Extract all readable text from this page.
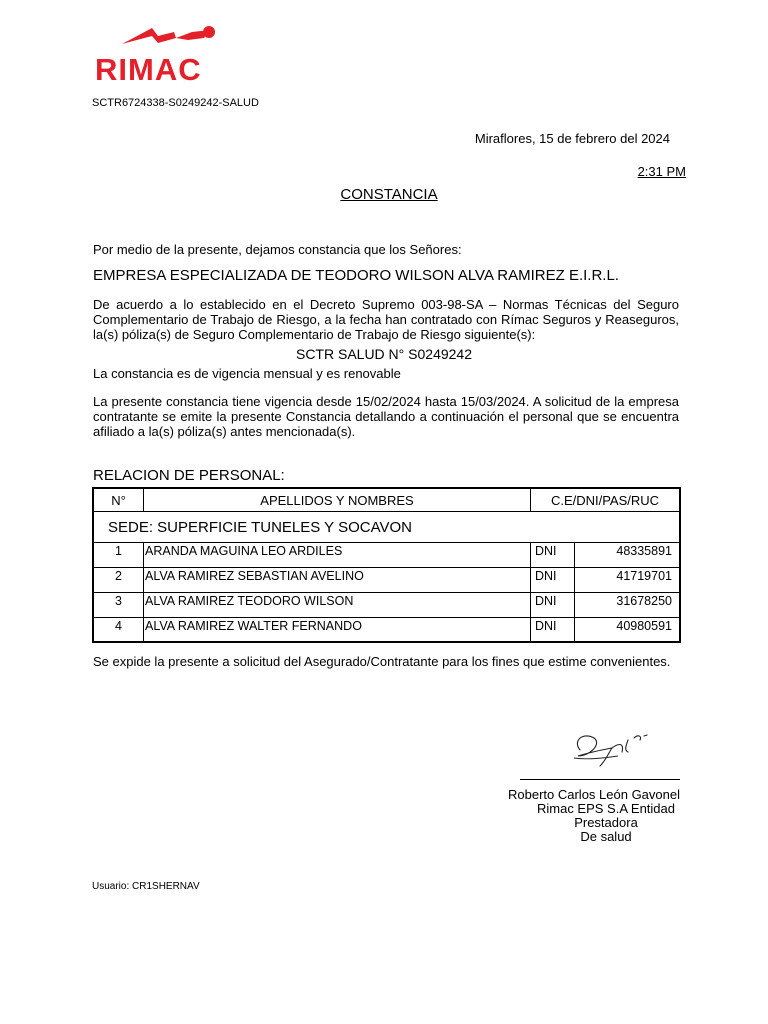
RIMAC
SCTR6724338-S0249242-SALUD
Miraflores, 15 de febrero del 2024
2:31 PM
CONSTANCIA
Por medio de la presente, dejamos constancia que los Señores:
EMPRESA ESPECIALIZADA DE TEODORO WILSON ALVA RAMIREZ E.I.R.L.
De acuerdo a lo establecido en el Decreto Supremo 003-98-SA – Normas Técnicas del Seguro Complementario de Trabajo de Riesgo, a la fecha han contratado con Rímac Seguros y Reaseguros, la(s) póliza(s) de Seguro Complementario de Trabajo de Riesgo siguiente(s):
SCTR SALUD N° S0249242
La constancia es de vigencia mensual y es renovable
La presente constancia tiene vigencia desde 15/02/2024 hasta 15/03/2024. A solicitud de la empresa contratante se emite la presente Constancia detallando a continuación el personal que se encuentra afiliado a la(s) póliza(s) antes mencionada(s).
RELACION DE PERSONAL:
N°	APELLIDOS Y NOMBRES	C.E/DNI/PAS/RUC
SEDE: SUPERFICIE TUNELES Y SOCAVON
1	ARANDA MAGUINA LEO ARDILES	DNI	48335891
2	ALVA RAMIREZ SEBASTIAN AVELINO	DNI	41719701
3	ALVA RAMIREZ TEODORO WILSON	DNI	31678250
4	ALVA RAMIREZ WALTER FERNANDO	DNI	40980591
Se expide la presente a solicitud del Asegurado/Contratante para los fines que estime convenientes.
Roberto Carlos León Gavonel
Rimac EPS S.A Entidad
Prestadora
De salud
Usuario: CR1SHERNAV
